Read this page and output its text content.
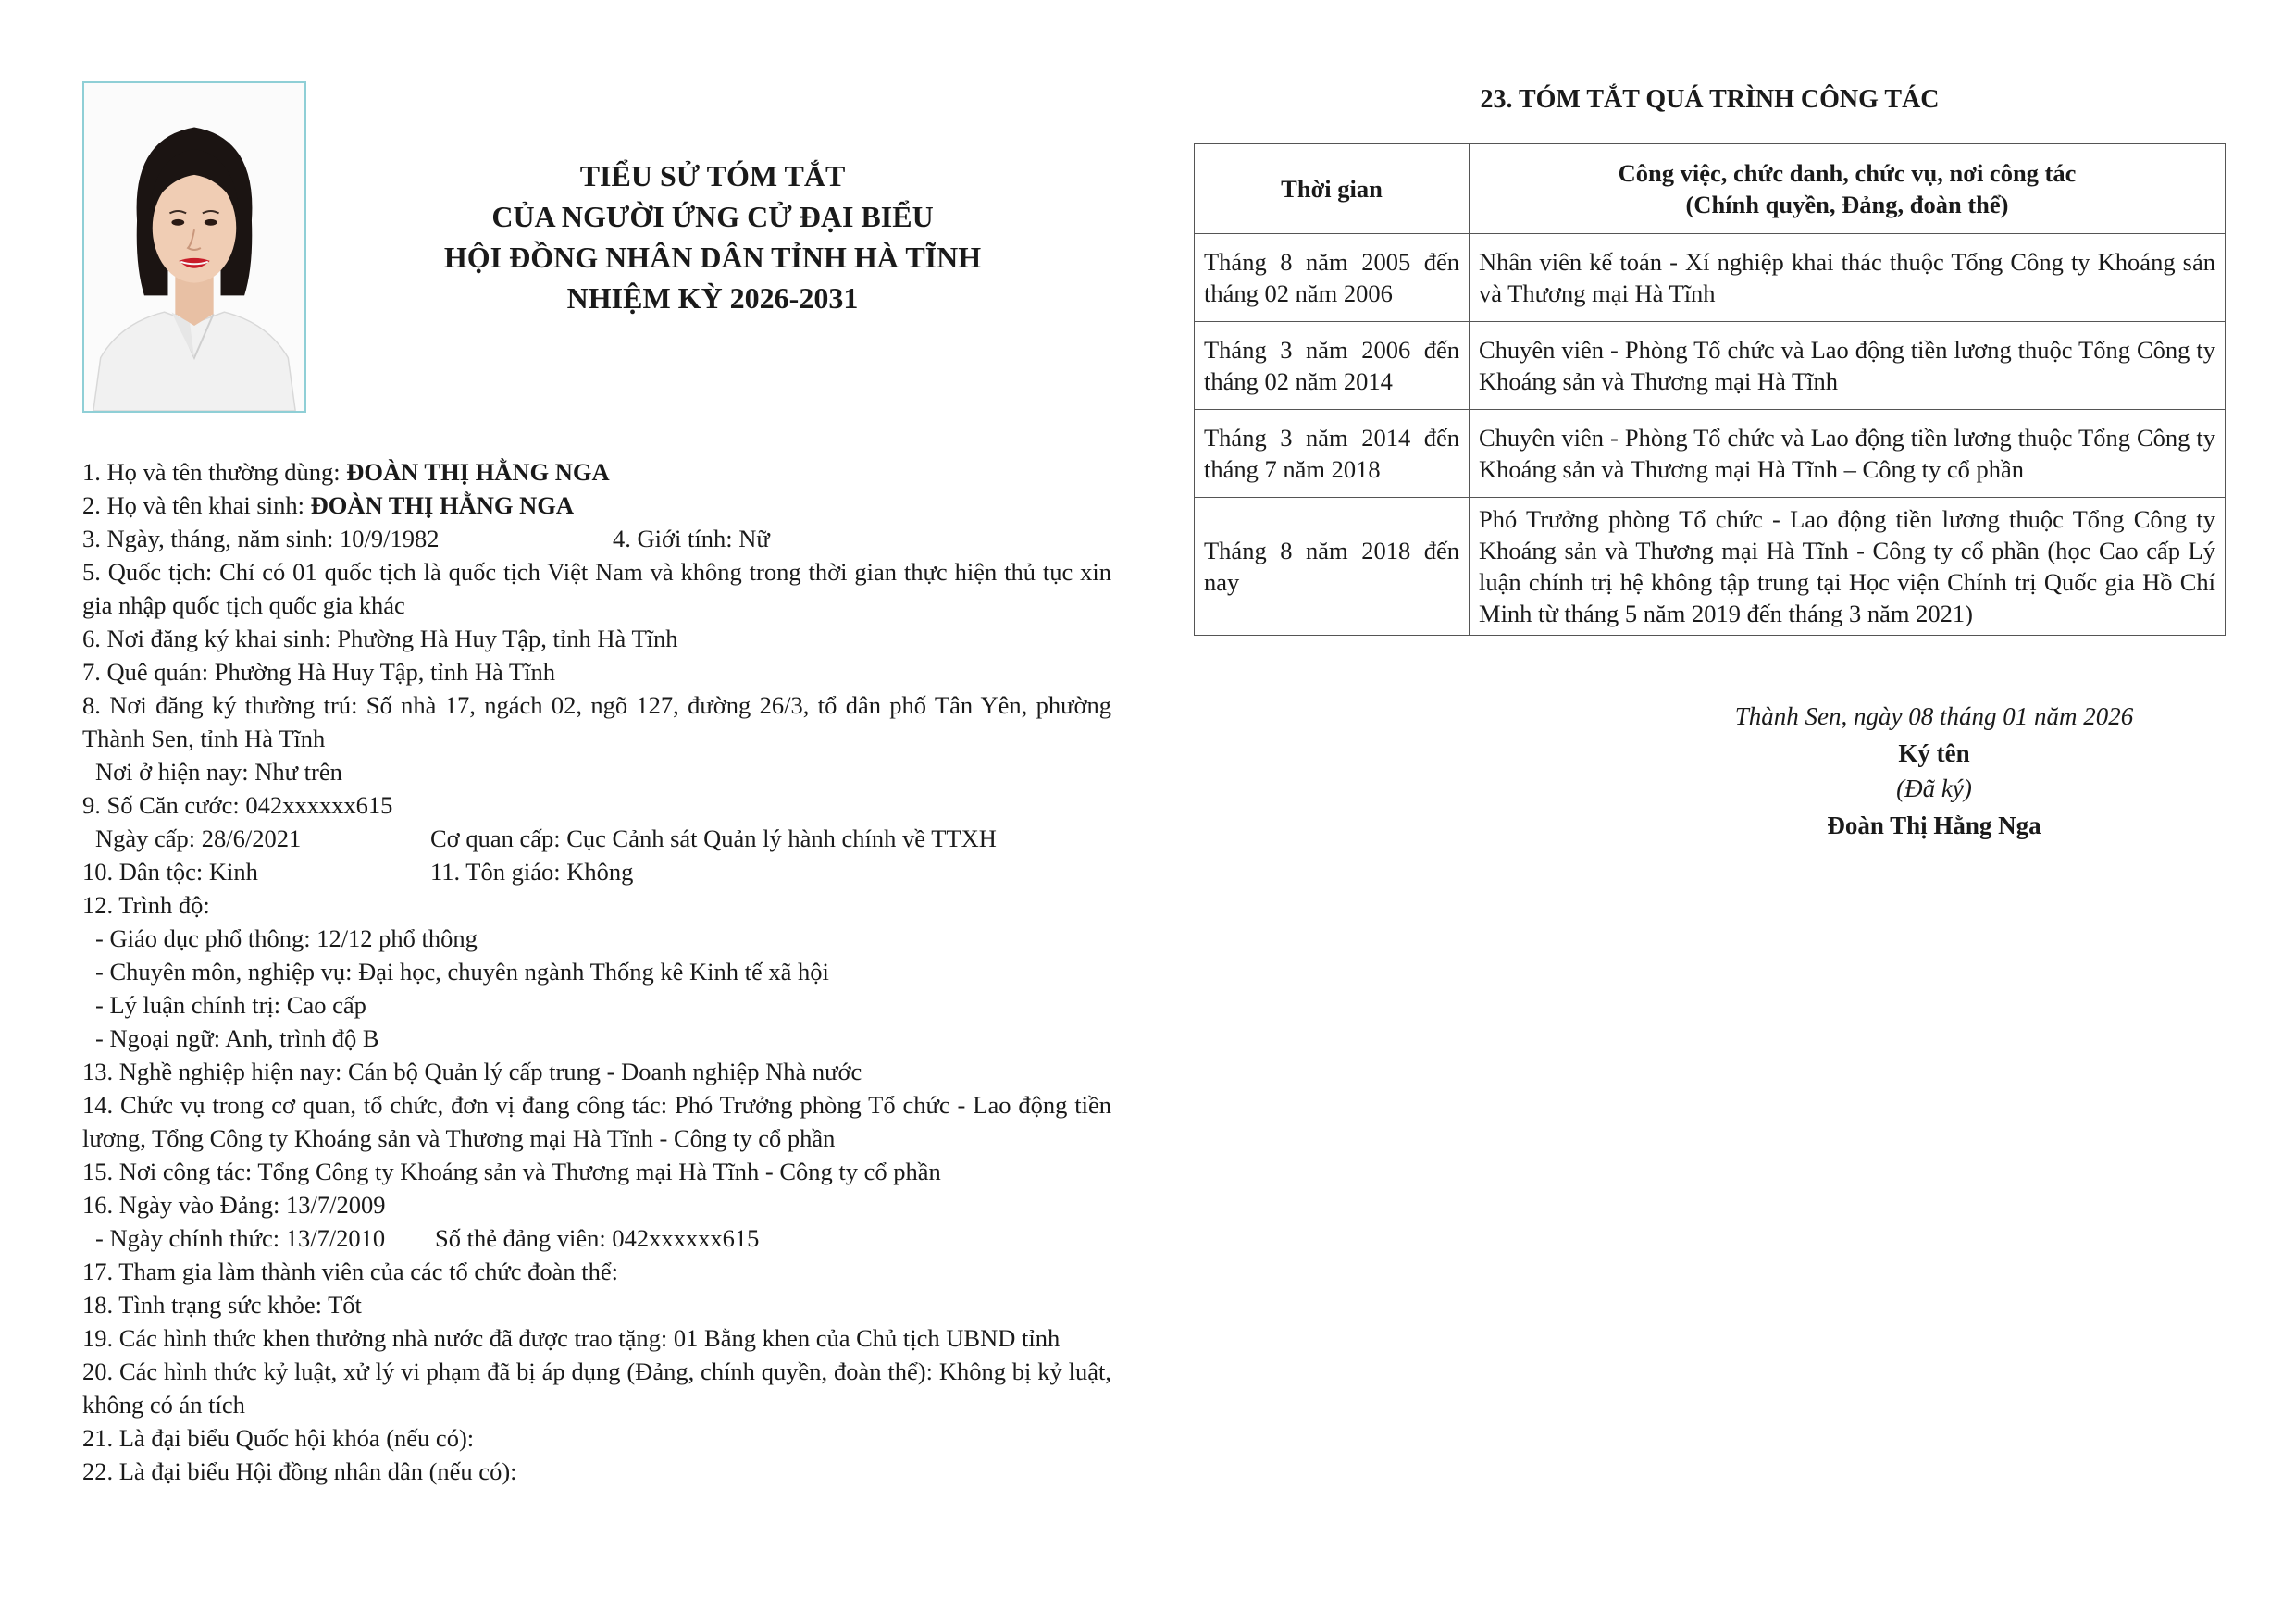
TIỂU SỬ TÓM TẮT
CỦA NGƯỜI ỨNG CỬ ĐẠI BIỂU
HỘI ĐỒNG NHÂN DÂN TỈNH HÀ TĨNH
NHIỆM KỲ 2026-2031
1. Họ và tên thường dùng: ĐOÀN THỊ HẰNG NGA
2. Họ và tên khai sinh: ĐOÀN THỊ HẰNG NGA
3. Ngày, tháng, năm sinh: 10/9/1982	4. Giới tính: Nữ
5. Quốc tịch: Chỉ có 01 quốc tịch là quốc tịch Việt Nam và không trong thời gian thực hiện thủ tục xin gia nhập quốc tịch quốc gia khác
6. Nơi đăng ký khai sinh: Phường Hà Huy Tập, tỉnh Hà Tĩnh
7. Quê quán: Phường Hà Huy Tập, tỉnh Hà Tĩnh
8. Nơi đăng ký thường trú: Số nhà 17, ngách 02, ngõ 127, đường 26/3, tổ dân phố Tân Yên, phường Thành Sen, tỉnh Hà Tĩnh
Nơi ở hiện nay: Như trên
9. Số Căn cước: 042xxxxxx615
Ngày cấp: 28/6/2021	Cơ quan cấp: Cục Cảnh sát Quản lý hành chính về TTXH
10. Dân tộc: Kinh	11. Tôn giáo: Không
12. Trình độ:
- Giáo dục phổ thông: 12/12 phổ thông
- Chuyên môn, nghiệp vụ: Đại học, chuyên ngành Thống kê Kinh tế xã hội
- Lý luận chính trị: Cao cấp
- Ngoại ngữ: Anh, trình độ B
13. Nghề nghiệp hiện nay: Cán bộ Quản lý cấp trung - Doanh nghiệp Nhà nước
14. Chức vụ trong cơ quan, tổ chức, đơn vị đang công tác: Phó Trưởng phòng Tổ chức - Lao động tiền lương, Tổng Công ty Khoáng sản và Thương mại Hà Tĩnh - Công ty cổ phần
15. Nơi công tác: Tổng Công ty Khoáng sản và Thương mại Hà Tĩnh - Công ty cổ phần
16. Ngày vào Đảng: 13/7/2009
- Ngày chính thức: 13/7/2010 Số thẻ đảng viên: 042xxxxxx615
17. Tham gia làm thành viên của các tổ chức đoàn thể:
18. Tình trạng sức khỏe: Tốt
19. Các hình thức khen thưởng nhà nước đã được trao tặng: 01 Bằng khen của Chủ tịch UBND tỉnh
20. Các hình thức kỷ luật, xử lý vi phạm đã bị áp dụng (Đảng, chính quyền, đoàn thể): Không bị kỷ luật, không có án tích
21. Là đại biểu Quốc hội khóa (nếu có):
22. Là đại biểu Hội đồng nhân dân (nếu có):
23. TÓM TẮT QUÁ TRÌNH CÔNG TÁC
Thời gian	Công việc, chức danh, chức vụ, nơi công tác
(Chính quyền, Đảng, đoàn thể)

Tháng 8 năm 2005 đến tháng 02 năm 2006	Nhân viên kế toán - Xí nghiệp khai thác thuộc Tổng Công ty Khoáng sản và Thương mại Hà Tĩnh
Tháng 3 năm 2006 đến tháng 02 năm 2014	Chuyên viên - Phòng Tổ chức và Lao động tiền lương thuộc Tổng Công ty Khoáng sản và Thương mại Hà Tĩnh
Tháng 3 năm 2014 đến tháng 7 năm 2018	Chuyên viên - Phòng Tổ chức và Lao động tiền lương thuộc Tổng Công ty Khoáng sản và Thương mại Hà Tĩnh – Công ty cổ phần
Tháng 8 năm 2018 đến nay	Phó Trưởng phòng Tổ chức - Lao động tiền lương thuộc Tổng Công ty Khoáng sản và Thương mại Hà Tĩnh - Công ty cổ phần (học Cao cấp Lý luận chính trị hệ không tập trung tại Học viện Chính trị Quốc gia Hồ Chí Minh từ tháng 5 năm 2019 đến tháng 3 năm 2021)
Thành Sen, ngày 08 tháng 01 năm 2026
Ký tên
(Đã ký)
Đoàn Thị Hằng Nga
